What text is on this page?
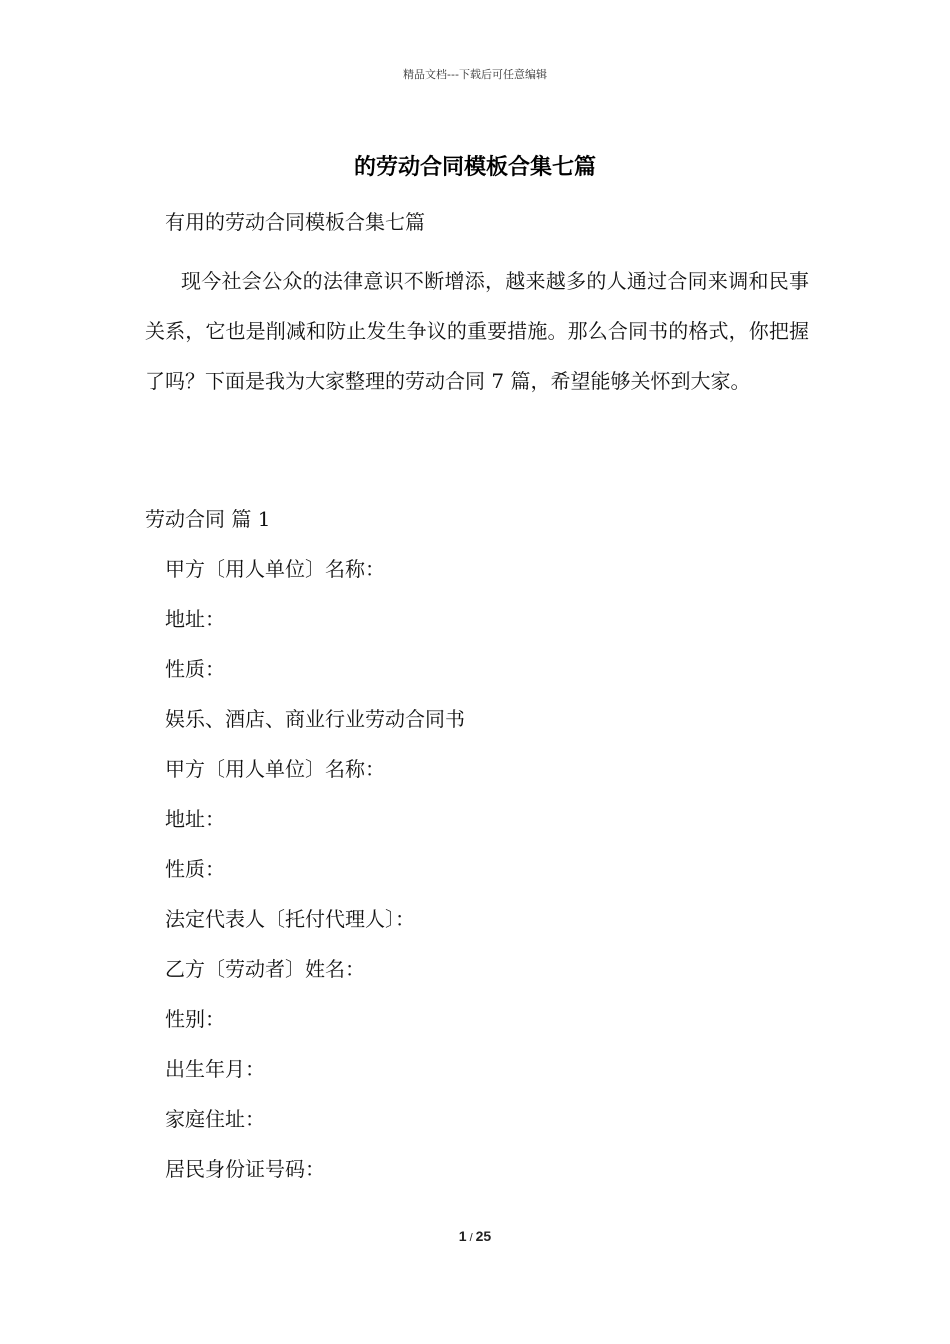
精品文档---下载后可任意编辑
的劳动合同模板合集七篇
有用的劳动合同模板合集七篇

现今社会公众的法律意识不断增添，越来越多的人通过合同来调和民事关系，它也是削减和防止发生争议的重要措施。那么合同书的格式，你把握了吗？下面是我为大家整理的劳动合同 7 篇，希望能够关怀到大家。

劳动合同 篇 1
甲方〔用人单位〕名称：
地址：
性质：
娱乐、酒店、商业行业劳动合同书
甲方〔用人单位〕名称：
地址：
性质：
法定代表人〔托付代理人〕：
乙方〔劳动者〕姓名：
性别：
出生年月：
家庭住址：
居民身份证号码：
1 / 25
